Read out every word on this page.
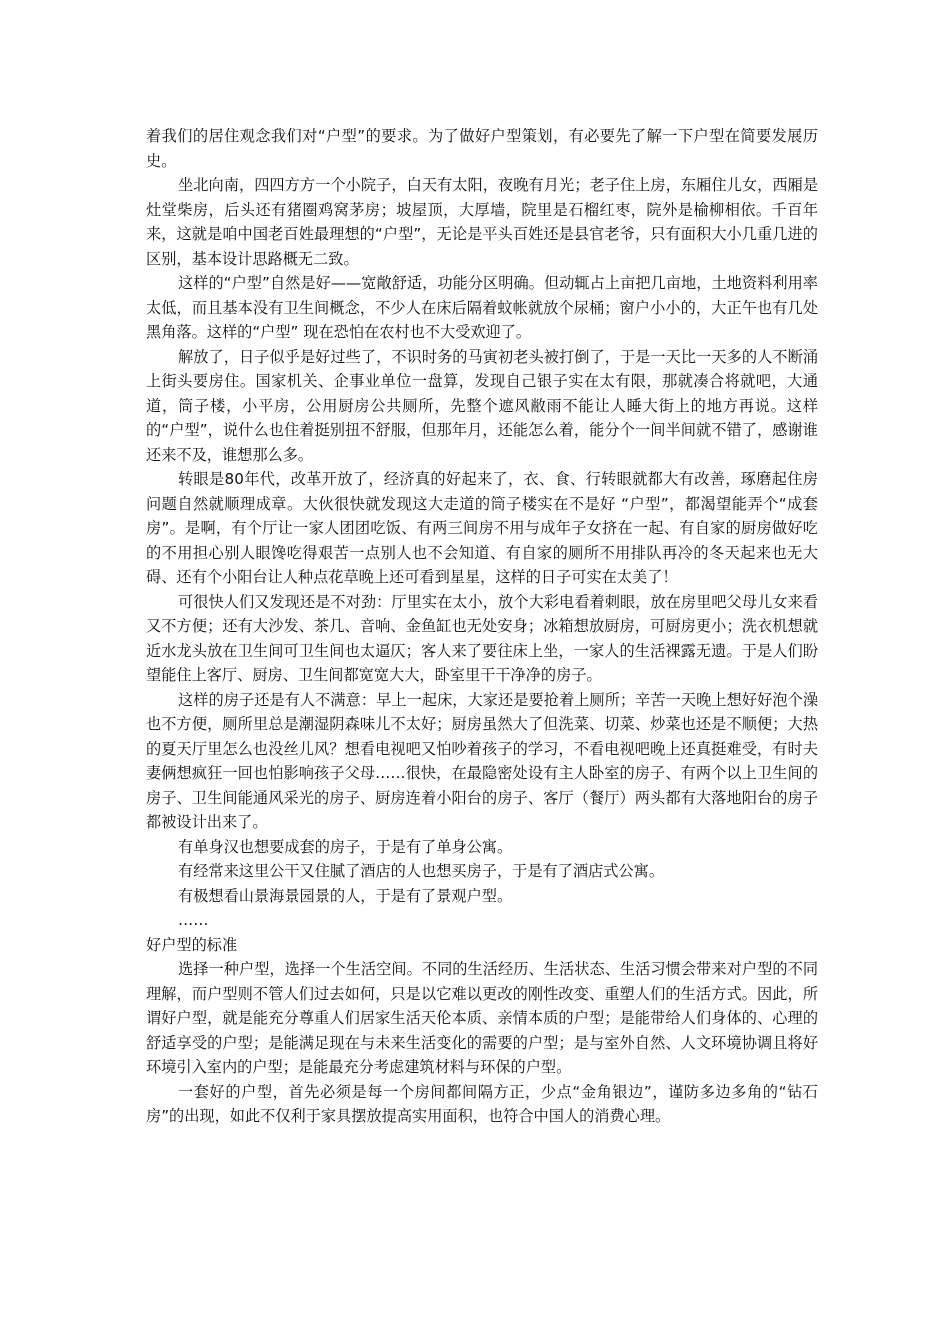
着我们的居住观念我们对“户型”的要求。为了做好户型策划，有必要先了解一下户型在简要发展历史。

坐北向南，四四方方一个小院子，白天有太阳，夜晚有月光；老子住上房，东厢住儿女，西厢是灶堂柴房，后头还有猪圈鸡窝茅房；坡屋顶，大厚墙，院里是石榴红枣，院外是榆柳相依。千百年来，这就是咱中国老百姓最理想的“户型”，无论是平头百姓还是县官老爷，只有面积大小几重几进的区别，基本设计思路概无二致。

这样的“户型”自然是好——宽敞舒适，功能分区明确。但动辄占上亩把几亩地，土地资料利用率太低，而且基本没有卫生间概念，不少人在床后隔着蚊帐就放个尿桶；窗户小小的，大正午也有几处黑角落。这样的“户型” 现在恐怕在农村也不大受欢迎了。

解放了，日子似乎是好过些了，不识时务的马寅初老头被打倒了，于是一天比一天多的人不断涌上街头要房住。国家机关、企事业单位一盘算，发现自己银子实在太有限，那就凑合将就吧，大通道，筒子楼，小平房，公用厨房公共厕所，先整个遮风敝雨不能让人睡大街上的地方再说。这样的“户型”，说什么也住着挺别扭不舒服，但那年月，还能怎么着，能分个一间半间就不错了，感谢谁还来不及，谁想那么多。

转眼是80年代，改革开放了，经济真的好起来了，衣、食、行转眼就都大有改善，琢磨起住房问题自然就顺理成章。大伙很快就发现这大走道的筒子楼实在不是好 “户型”，都渴望能弄个“成套房”。是啊，有个厅让一家人团团吃饭、有两三间房不用与成年子女挤在一起、有自家的厨房做好吃的不用担心别人眼馋吃得艰苦一点别人也不会知道、有自家的厕所不用排队再冷的冬天起来也无大碍、还有个小阳台让人种点花草晚上还可看到星星，这样的日子可实在太美了！

可很快人们又发现还是不对劲：厅里实在太小，放个大彩电看着刺眼，放在房里吧父母儿女来看又不方便；还有大沙发、茶几、音响、金鱼缸也无处安身；冰箱想放厨房，可厨房更小；洗衣机想就近水龙头放在卫生间可卫生间也太逼仄；客人来了要往床上坐，一家人的生活裸露无遗。于是人们盼望能住上客厅、厨房、卫生间都宽宽大大，卧室里干干净净的房子。

这样的房子还是有人不满意：早上一起床，大家还是要抢着上厕所；辛苦一天晚上想好好泡个澡也不方便，厕所里总是潮湿阴森味儿不太好；厨房虽然大了但洗菜、切菜、炒菜也还是不顺便；大热的夏天厅里怎么也没丝儿风？想看电视吧又怕吵着孩子的学习，不看电视吧晚上还真挺难受，有时夫妻俩想疯狂一回也怕影响孩子父母……很快，在最隐密处设有主人卧室的房子、有两个以上卫生间的房子、卫生间能通风采光的房子、厨房连着小阳台的房子、客厅（餐厅）两头都有大落地阳台的房子都被设计出来了。

有单身汉也想要成套的房子，于是有了单身公寓。

有经常来这里公干又住腻了酒店的人也想买房子，于是有了酒店式公寓。

有极想看山景海景园景的人，于是有了景观户型。

……

好户型的标准

选择一种户型，选择一个生活空间。不同的生活经历、生活状态、生活习惯会带来对户型的不同理解，而户型则不管人们过去如何，只是以它难以更改的刚性改变、重塑人们的生活方式。因此，所谓好户型，就是能充分尊重人们居家生活天伦本质、亲情本质的户型；是能带给人们身体的、心理的舒适享受的户型；是能满足现在与未来生活变化的需要的户型；是与室外自然、人文环境协调且将好环境引入室内的户型；是能最充分考虑建筑材料与环保的户型。

一套好的户型，首先必须是每一个房间都间隔方正，少点“金角银边”，谨防多边多角的“钻石房”的出现，如此不仅利于家具摆放提高实用面积，也符合中国人的消费心理。
